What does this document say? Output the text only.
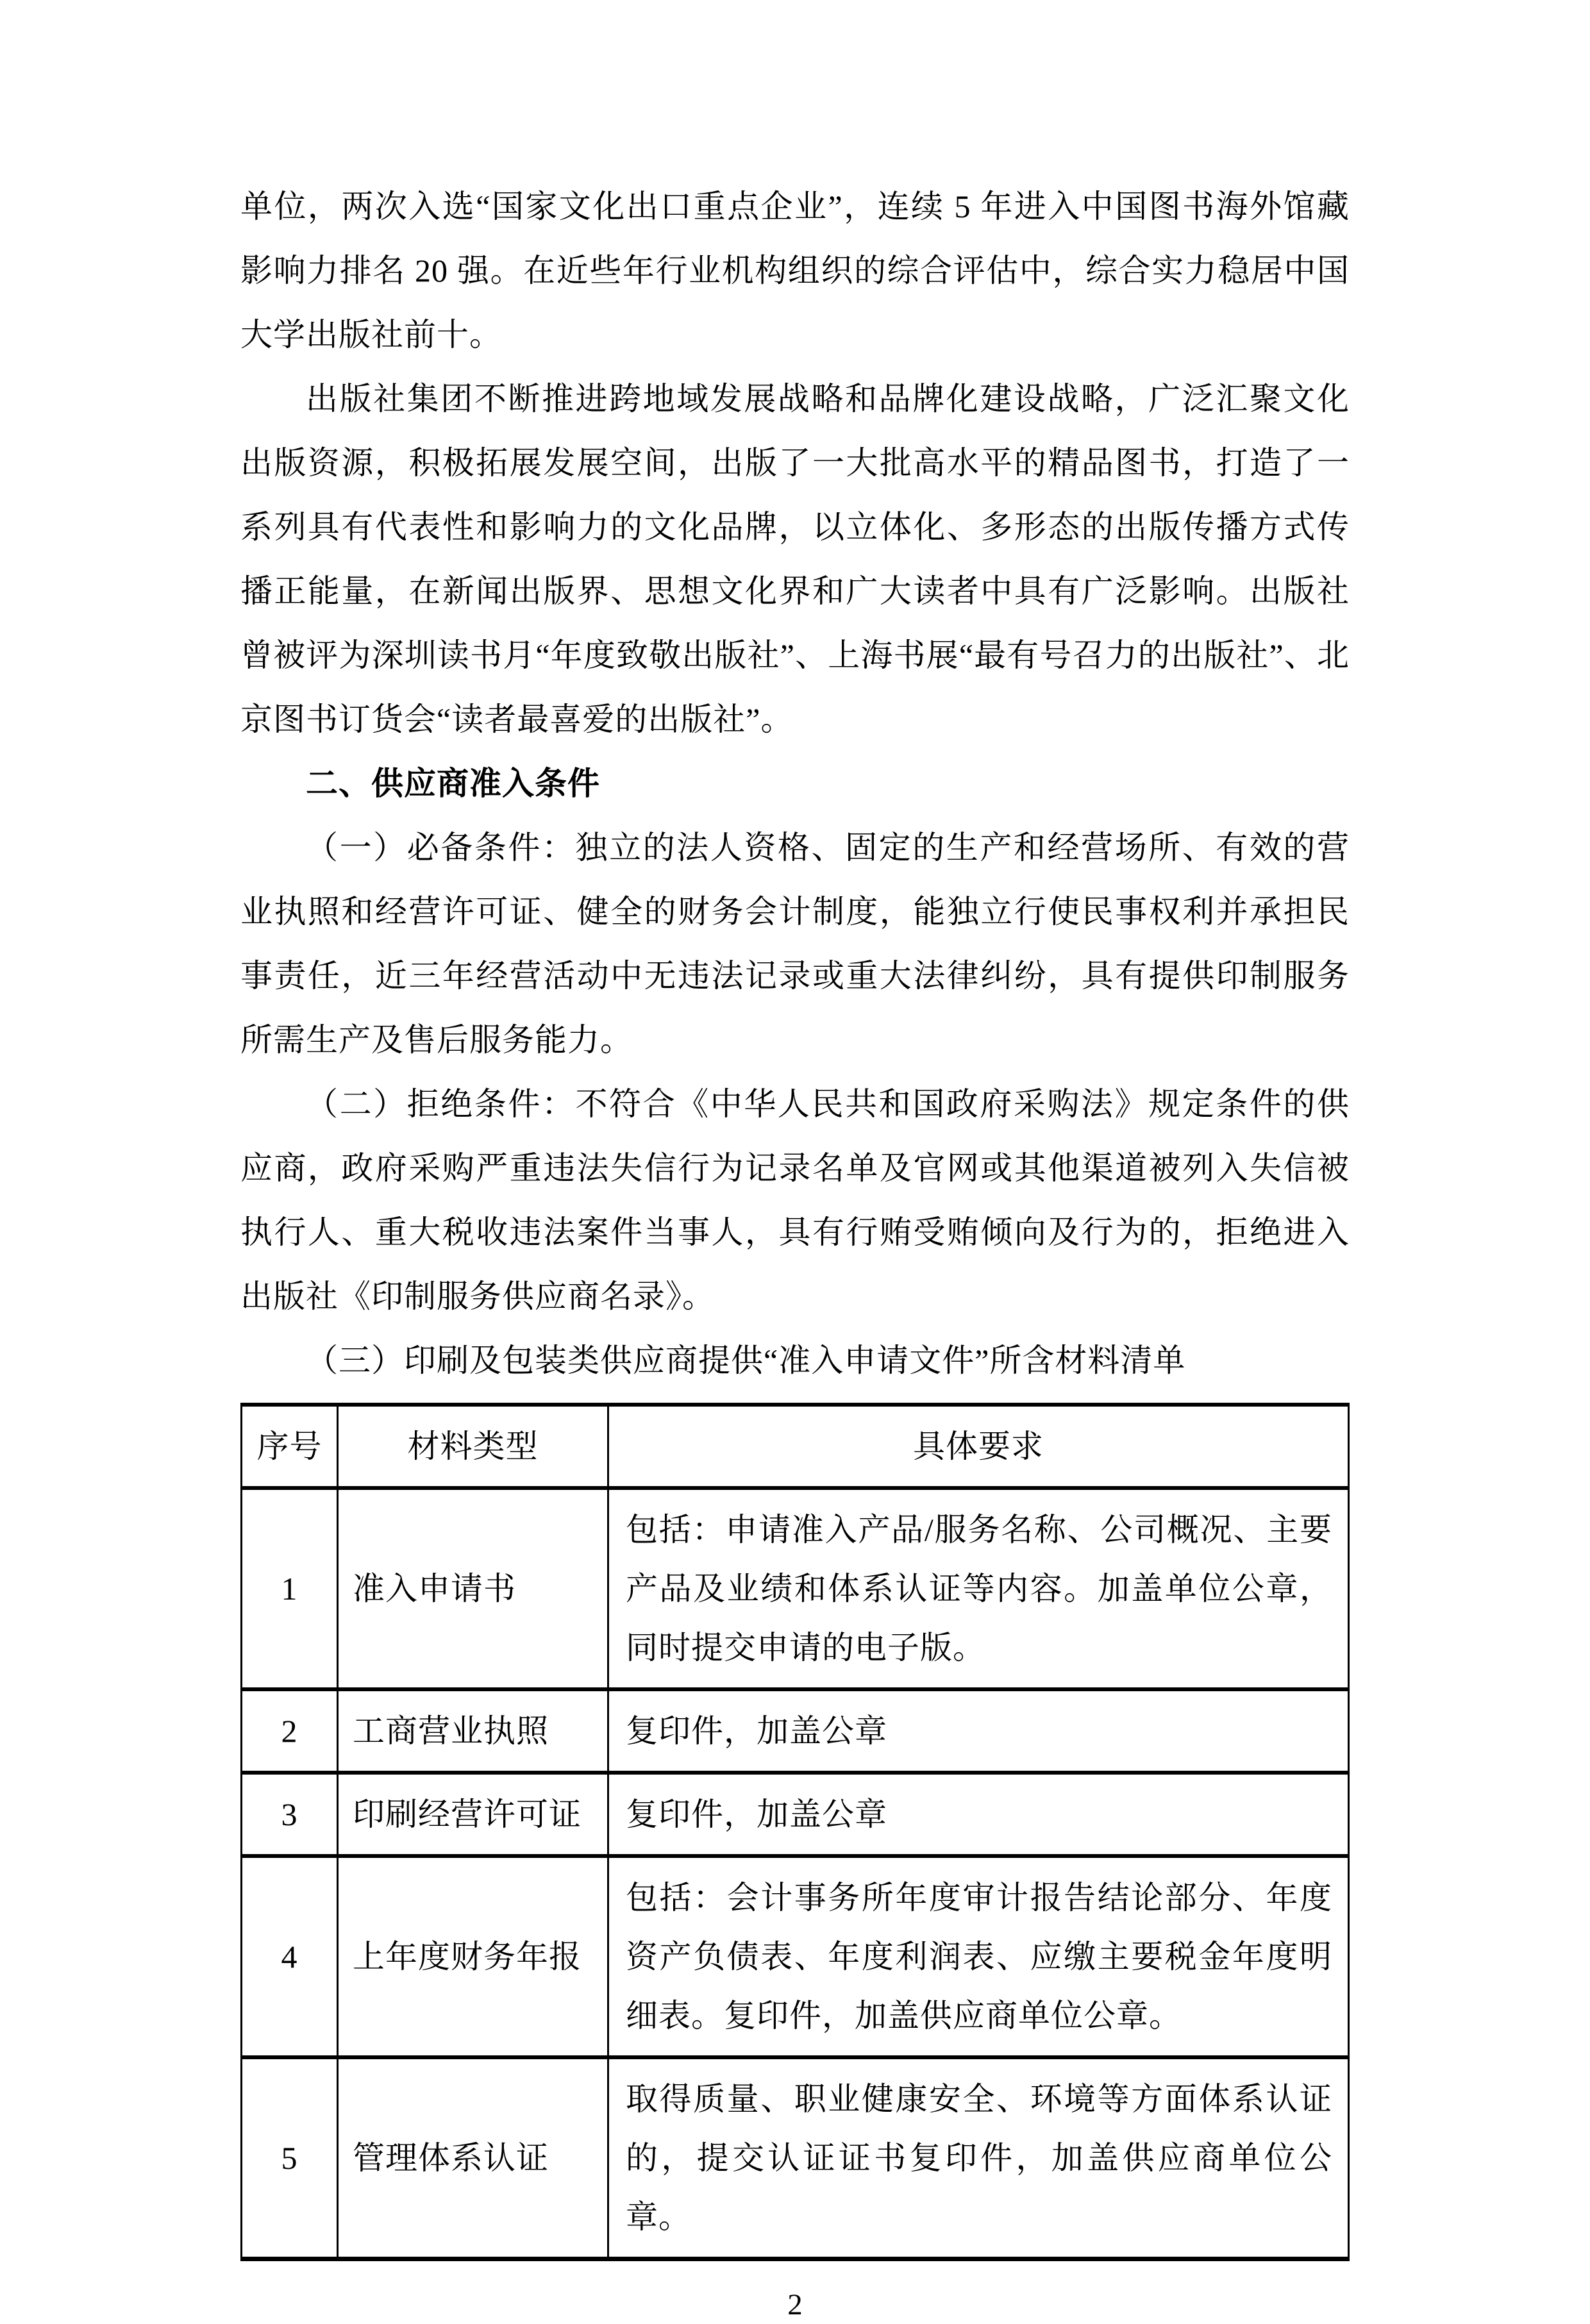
单位，两次入选“国家文化出口重点企业”，连续 5 年进入中国图书海外馆藏影响力排名 20 强。在近些年行业机构组织的综合评估中，综合实力稳居中国大学出版社前十。

出版社集团不断推进跨地域发展战略和品牌化建设战略，广泛汇聚文化出版资源，积极拓展发展空间，出版了一大批高水平的精品图书，打造了一系列具有代表性和影响力的文化品牌，以立体化、多形态的出版传播方式传播正能量，在新闻出版界、思想文化界和广大读者中具有广泛影响。出版社曾被评为深圳读书月“年度致敬出版社”、上海书展“最有号召力的出版社”、北京图书订货会“读者最喜爱的出版社”。

二、供应商准入条件

（一）必备条件：独立的法人资格、固定的生产和经营场所、有效的营业执照和经营许可证、健全的财务会计制度，能独立行使民事权利并承担民事责任，近三年经营活动中无违法记录或重大法律纠纷，具有提供印制服务所需生产及售后服务能力。

（二）拒绝条件：不符合《中华人民共和国政府采购法》规定条件的供应商，政府采购严重违法失信行为记录名单及官网或其他渠道被列入失信被执行人、重大税收违法案件当事人，具有行贿受贿倾向及行为的，拒绝进入出版社《印制服务供应商名录》。

（三）印刷及包装类供应商提供“准入申请文件”所含材料清单

序号	材料类型	具体要求
1	准入申请书	包括：申请准入产品/服务名称、公司概况、主要产品及业绩和体系认证等内容。加盖单位公章，同时提交申请的电子版。
2	工商营业执照	复印件，加盖公章
3	印刷经营许可证	复印件，加盖公章
4	上年度财务年报	包括：会计事务所年度审计报告结论部分、年度资产负债表、年度利润表、应缴主要税金年度明细表。复印件，加盖供应商单位公章。
5	管理体系认证	取得质量、职业健康安全、环境等方面体系认证的，提交认证证书复印件，加盖供应商单位公章。
2
